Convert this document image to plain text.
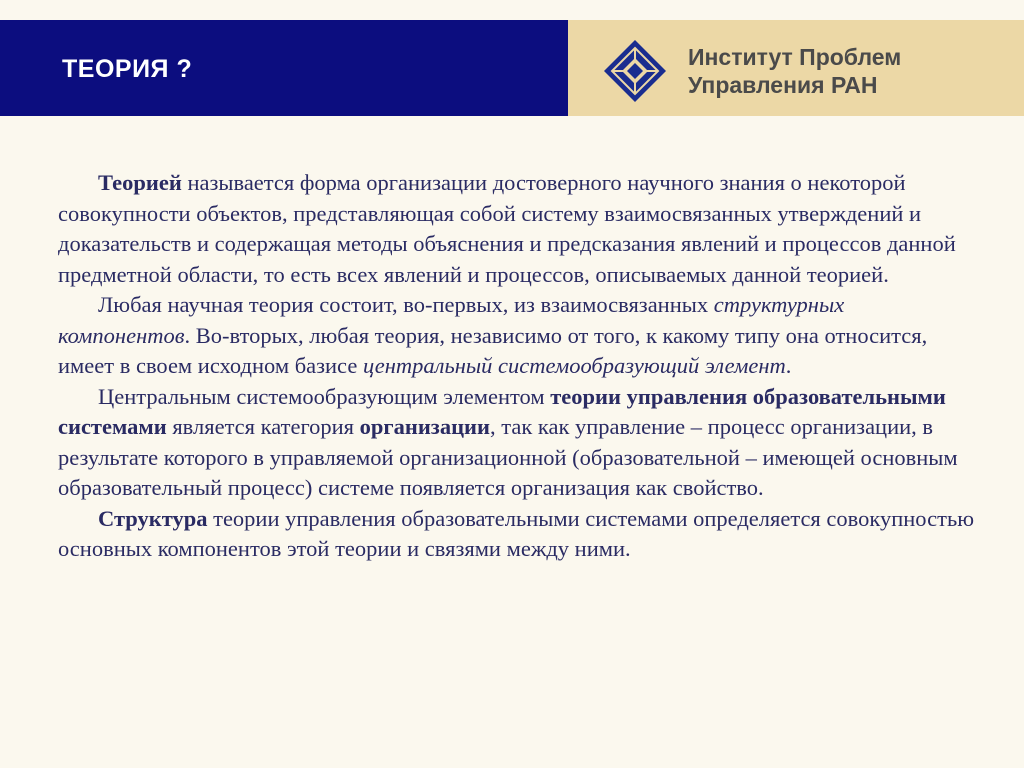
ТЕОРИЯ ?	Институт Проблем
Управления РАН

Теорией называется форма организации достоверного научного знания о некоторой совокупности объектов, представляющая собой систему взаимосвязанных утверждений и доказательств и содержащая методы объяснения и предсказания явлений и процессов данной предметной области, то есть всех явлений и процессов, описываемых данной теорией.

Любая научная теория состоит, во-первых, из взаимосвязанных структурных компонентов. Во-вторых, любая теория, независимо от того, к какому типу она относится, имеет в своем исходном базисе центральный системообразующий элемент.

Центральным системообразующим элементом теории управления образовательными системами является категория организации, так как управление – процесс организации, в результате которого в управляемой организационной (образовательной – имеющей основным образовательный процесс) системе появляется организация как свойство.

Структура теории управления образовательными системами определяется совокупностью основных компонентов этой теории и связями между ними.
